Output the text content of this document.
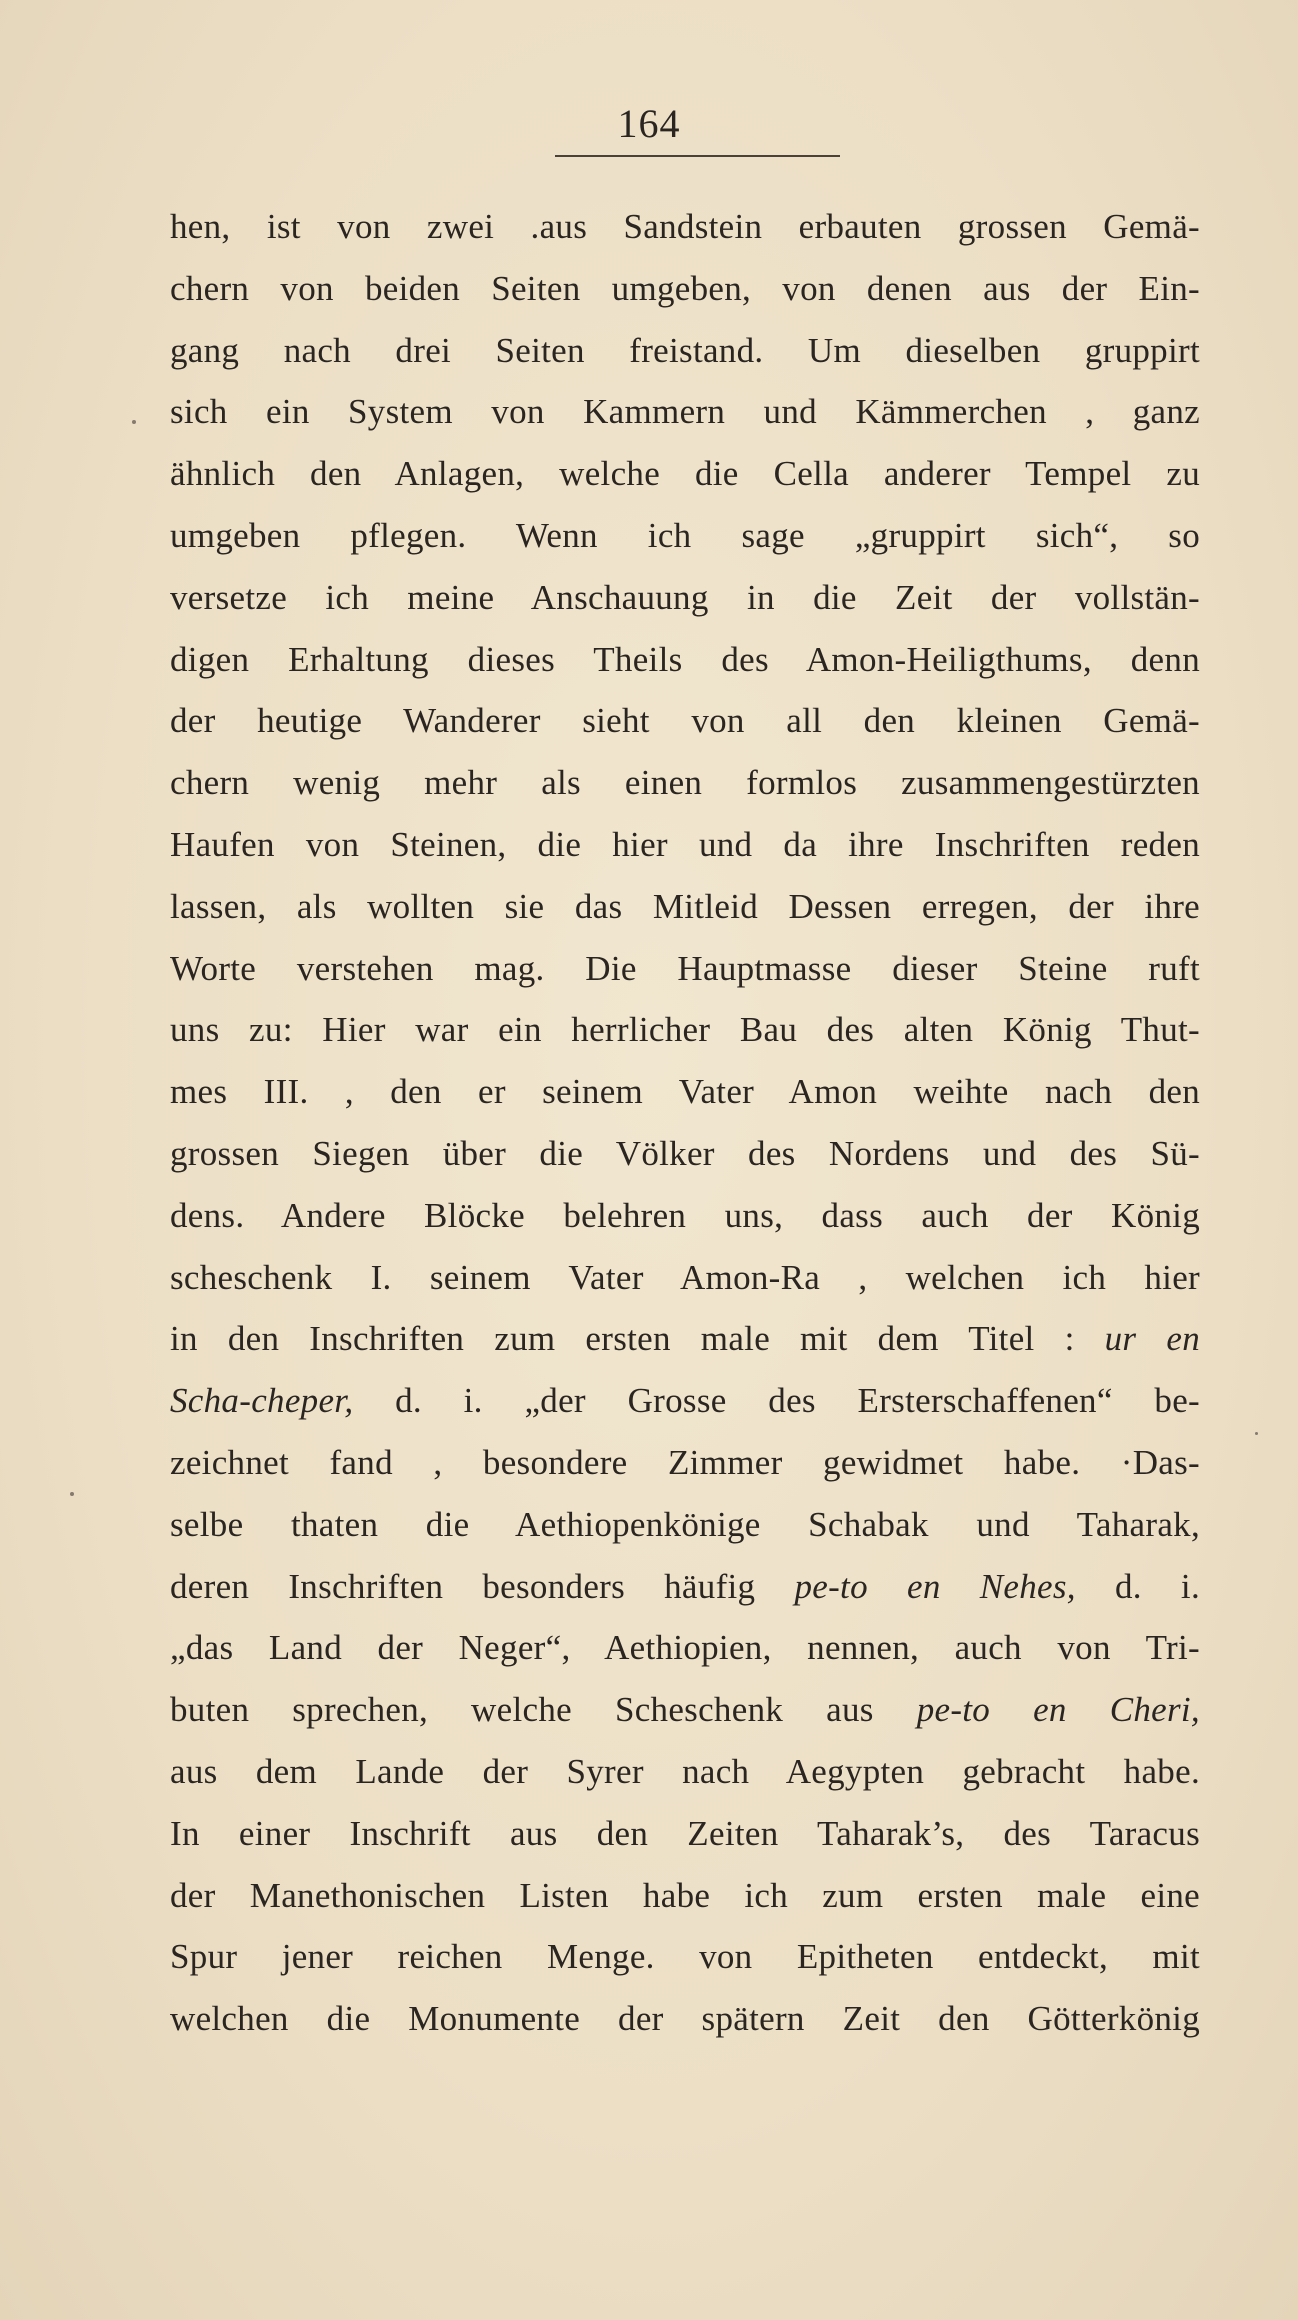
164
hen, ist von zwei .aus Sandstein erbauten grossen Gemä-
chern von beiden Seiten umgeben, von denen aus der Ein-
gang nach drei Seiten freistand. Um dieselben gruppirt
sich ein System von Kammern und Kämmerchen , ganz
ähnlich den Anlagen, welche die Cella anderer Tempel zu
umgeben pflegen. Wenn ich sage „gruppirt sich“, so
versetze ich meine Anschauung in die Zeit der vollstän-
digen Erhaltung dieses Theils des Amon-Heiligthums, denn
der heutige Wanderer sieht von all den kleinen Gemä-
chern wenig mehr als einen formlos zusammengestürzten
Haufen von Steinen, die hier und da ihre Inschriften reden
lassen, als wollten sie das Mitleid Dessen erregen, der ihre
Worte verstehen mag. Die Hauptmasse dieser Steine ruft
uns zu: Hier war ein herrlicher Bau des alten König Thut-
mes III. , den er seinem Vater Amon weihte nach den
grossen Siegen über die Völker des Nordens und des Sü-
dens. Andere Blöcke belehren uns, dass auch der König
scheschenk I. seinem Vater Amon-Ra , welchen ich hier
in den Inschriften zum ersten male mit dem Titel : ur en
Scha-cheper, d. i. „der Grosse des Ersterschaffenen“ be-
zeichnet fand , besondere Zimmer gewidmet habe. ·Das-
selbe thaten die Aethiopenkönige Schabak und Taharak,
deren Inschriften besonders häufig pe-to en Nehes, d. i.
„das Land der Neger“, Aethiopien, nennen, auch von Tri-
buten sprechen, welche Scheschenk aus pe-to en Cheri,
aus dem Lande der Syrer nach Aegypten gebracht habe.
In einer Inschrift aus den Zeiten Taharak’s, des Taracus
der Manethonischen Listen habe ich zum ersten male eine
Spur jener reichen Menge. von Epitheten entdeckt, mit
welchen die Monumente der spätern Zeit den Götterkönig
